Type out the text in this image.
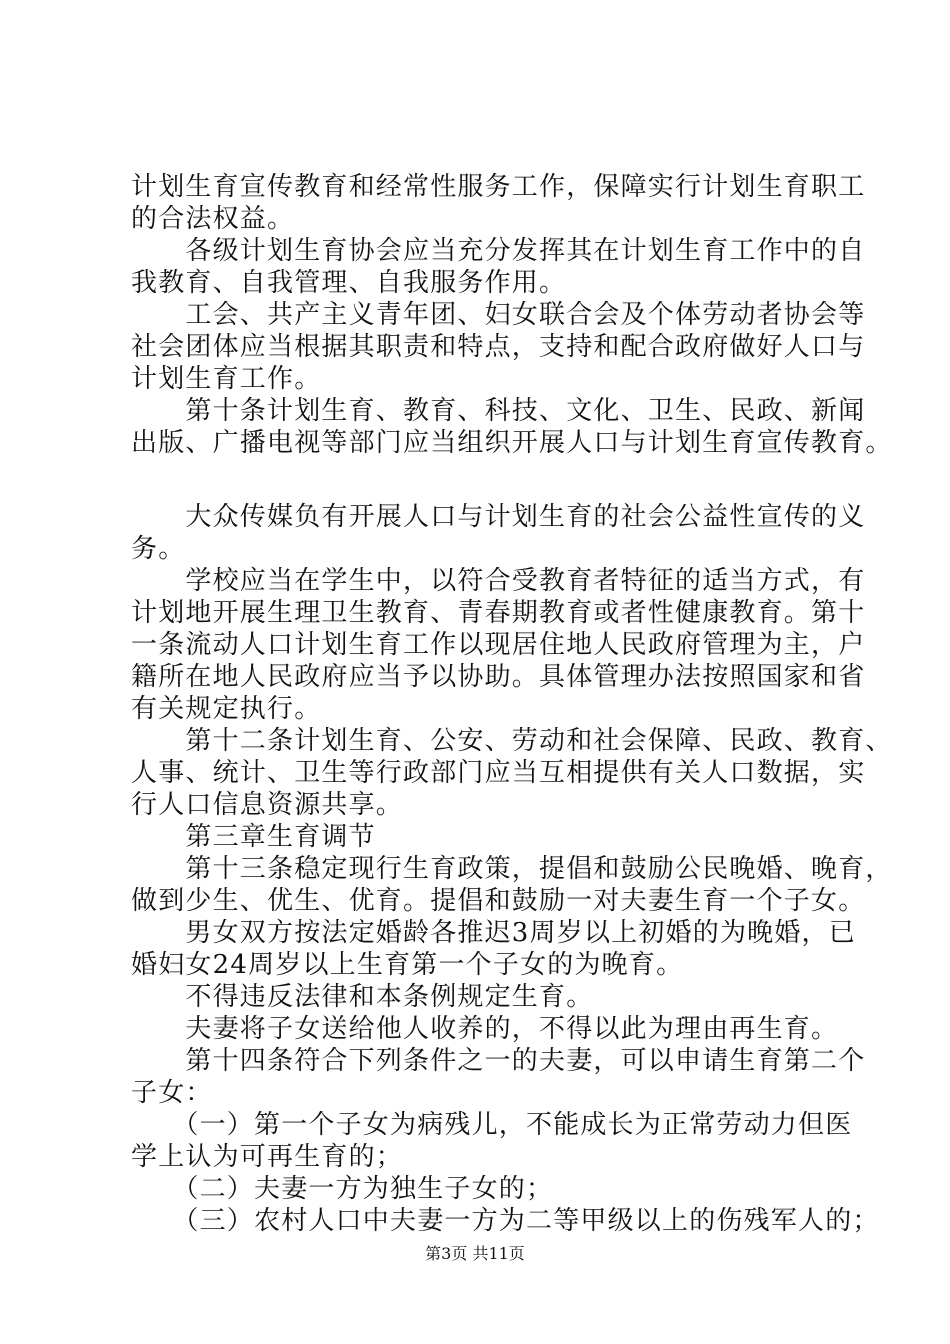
计划生育宣传教育和经常性服务工作，保障实行计划生育职工
的合法权益。
　　各级计划生育协会应当充分发挥其在计划生育工作中的自
我教育、自我管理、自我服务作用。
　　工会、共产主义青年团、妇女联合会及个体劳动者协会等
社会团体应当根据其职责和特点，支持和配合政府做好人口与
计划生育工作。
　　第十条计划生育、教育、科技、文化、卫生、民政、新闻
出版、广播电视等部门应当组织开展人口与计划生育宣传教育。
　　大众传媒负有开展人口与计划生育的社会公益性宣传的义
务。
　　学校应当在学生中，以符合受教育者特征的适当方式，有
计划地开展生理卫生教育、青春期教育或者性健康教育。第十
一条流动人口计划生育工作以现居住地人民政府管理为主，户
籍所在地人民政府应当予以协助。具体管理办法按照国家和省
有关规定执行。
　　第十二条计划生育、公安、劳动和社会保障、民政、教育、
人事、统计、卫生等行政部门应当互相提供有关人口数据，实
行人口信息资源共享。
　　第三章生育调节
　　第十三条稳定现行生育政策，提倡和鼓励公民晚婚、晚育，
做到少生、优生、优育。提倡和鼓励一对夫妻生育一个子女。
　　男女双方按法定婚龄各推迟3周岁以上初婚的为晚婚，已
婚妇女24周岁以上生育第一个子女的为晚育。
　　不得违反法律和本条例规定生育。
　　夫妻将子女送给他人收养的，不得以此为理由再生育。
　　第十四条符合下列条件之一的夫妻，可以申请生育第二个
子女：
　　（一）第一个子女为病残儿，不能成长为正常劳动力但医
学上认为可再生育的；
　　（二）夫妻一方为独生子女的；
　　（三）农村人口中夫妻一方为二等甲级以上的伤残军人的；
第3页 共11页
